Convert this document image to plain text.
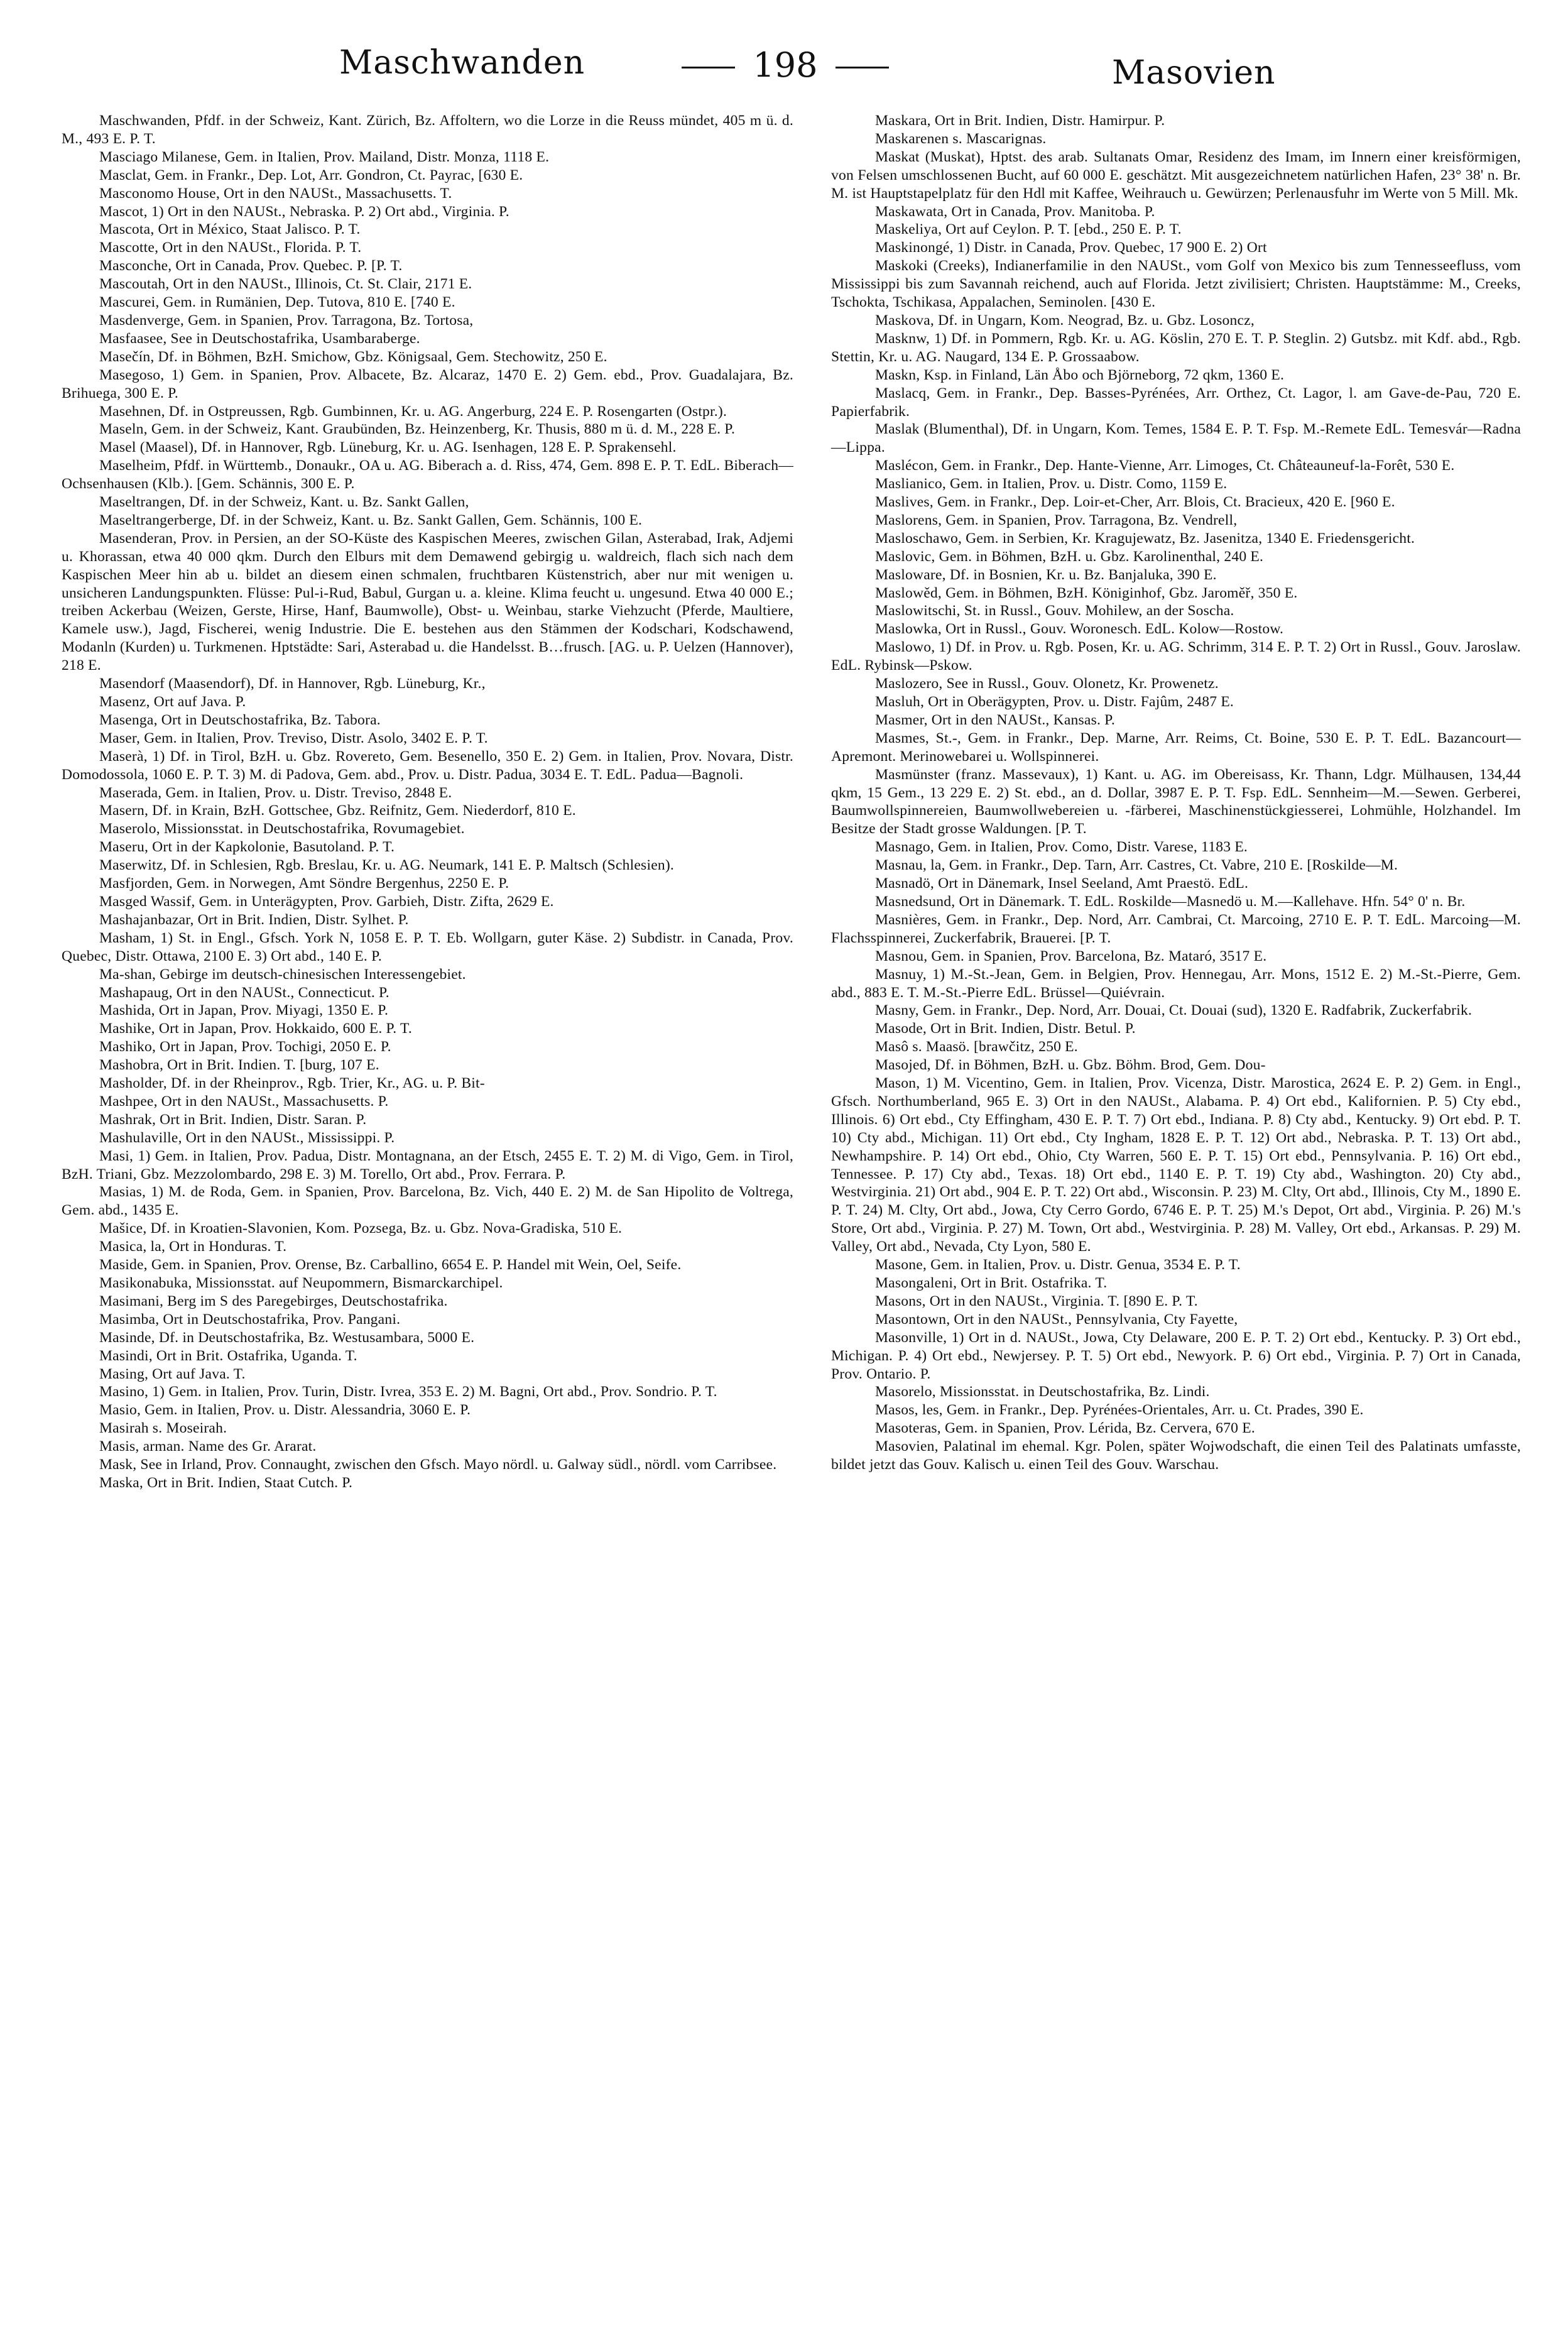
Maschwanden	198	Masovien

Maschwanden, Pfdf. in der Schweiz, Kant. Zürich, Bz. Affoltern, wo die Lorze in die Reuss mündet, 405 m ü. d. M., 493 E. P. T.

Masciago Milanese, Gem. in Italien, Prov. Mailand, Distr. Monza, 1118 E.

Masclat, Gem. in Frankr., Dep. Lot, Arr. Gondron, Ct. Payrac, [630 E.

Masconomo House, Ort in den NAUSt., Massachusetts. T.

Mascot, 1) Ort in den NAUSt., Nebraska. P. 2) Ort abd., Virginia. P.

Mascota, Ort in México, Staat Jalisco. P. T.

Mascotte, Ort in den NAUSt., Florida. P. T.

Masconche, Ort in Canada, Prov. Quebec. P. [P. T.

Mascoutah, Ort in den NAUSt., Illinois, Ct. St. Clair, 2171 E.

Mascurei, Gem. in Rumänien, Dep. Tutova, 810 E. [740 E.

Masdenverge, Gem. in Spanien, Prov. Tarragona, Bz. Tortosa,

Masfaasee, See in Deutschostafrika, Usambaraberge.

Masečín, Df. in Böhmen, BzH. Smichow, Gbz. Königsaal, Gem. Stechowitz, 250 E.

Masegoso, 1) Gem. in Spanien, Prov. Albacete, Bz. Alcaraz, 1470 E. 2) Gem. ebd., Prov. Guadalajara, Bz. Brihuega, 300 E. P.

Masehnen, Df. in Ostpreussen, Rgb. Gumbinnen, Kr. u. AG. Angerburg, 224 E. P. Rosengarten (Ostpr.).

Maseln, Gem. in der Schweiz, Kant. Graubünden, Bz. Heinzenberg, Kr. Thusis, 880 m ü. d. M., 228 E. P.

Masel (Maasel), Df. in Hannover, Rgb. Lüneburg, Kr. u. AG. Isenhagen, 128 E. P. Sprakensehl.

Maselheim, Pfdf. in Württemb., Donaukr., OA u. AG. Biberach a. d. Riss, 474, Gem. 898 E. P. T. EdL. Biberach—Ochsenhausen (Klb.). [Gem. Schännis, 300 E. P.

Maseltrangen, Df. in der Schweiz, Kant. u. Bz. Sankt Gallen,

Maseltrangerberge, Df. in der Schweiz, Kant. u. Bz. Sankt Gallen, Gem. Schännis, 100 E.

Masenderan, Prov. in Persien, an der SO-Küste des Kaspischen Meeres, zwischen Gilan, Asterabad, Irak, Adjemi u. Khorassan, etwa 40 000 qkm. Durch den Elburs mit dem Demawend gebirgig u. waldreich, flach sich nach dem Kaspischen Meer hin ab u. bildet an diesem einen schmalen, fruchtbaren Küstenstrich, aber nur mit wenigen u. unsicheren Landungspunkten. Flüsse: Pul-i-Rud, Babul, Gurgan u. a. kleine. Klima feucht u. ungesund. Etwa 40 000 E.; treiben Ackerbau (Weizen, Gerste, Hirse, Hanf, Baumwolle), Obst- u. Weinbau, starke Viehzucht (Pferde, Maultiere, Kamele usw.), Jagd, Fischerei, wenig Industrie. Die E. bestehen aus den Stämmen der Kodschari, Kodschawend, Modanln (Kurden) u. Turkmenen. Hptstädte: Sari, Asterabad u. die Handelsst. B…frusch. [AG. u. P. Uelzen (Hannover), 218 E.

Masendorf (Maasendorf), Df. in Hannover, Rgb. Lüneburg, Kr.,

Masenz, Ort auf Java. P.

Masenga, Ort in Deutschostafrika, Bz. Tabora.

Maser, Gem. in Italien, Prov. Treviso, Distr. Asolo, 3402 E. P. T.

Maserà, 1) Df. in Tirol, BzH. u. Gbz. Rovereto, Gem. Besenello, 350 E. 2) Gem. in Italien, Prov. Novara, Distr. Domodossola, 1060 E. P. T. 3) M. di Padova, Gem. abd., Prov. u. Distr. Padua, 3034 E. T. EdL. Padua—Bagnoli.

Maserada, Gem. in Italien, Prov. u. Distr. Treviso, 2848 E.

Masern, Df. in Krain, BzH. Gottschee, Gbz. Reifnitz, Gem. Niederdorf, 810 E.

Maserolo, Missionsstat. in Deutschostafrika, Rovumagebiet.

Maseru, Ort in der Kapkolonie, Basutoland. P. T.

Maserwitz, Df. in Schlesien, Rgb. Breslau, Kr. u. AG. Neumark, 141 E. P. Maltsch (Schlesien).

Masfjorden, Gem. in Norwegen, Amt Söndre Bergenhus, 2250 E. P.

Masged Wassif, Gem. in Unterägypten, Prov. Garbieh, Distr. Zifta, 2629 E.

Mashajanbazar, Ort in Brit. Indien, Distr. Sylhet. P.

Masham, 1) St. in Engl., Gfsch. York N, 1058 E. P. T. Eb. Wollgarn, guter Käse. 2) Subdistr. in Canada, Prov. Quebec, Distr. Ottawa, 2100 E. 3) Ort abd., 140 E. P.

Ma-shan, Gebirge im deutsch-chinesischen Interessengebiet.

Mashapaug, Ort in den NAUSt., Connecticut. P.

Mashida, Ort in Japan, Prov. Miyagi, 1350 E. P.

Mashike, Ort in Japan, Prov. Hokkaido, 600 E. P. T.

Mashiko, Ort in Japan, Prov. Tochigi, 2050 E. P.

Mashobra, Ort in Brit. Indien. T. [burg, 107 E.

Masholder, Df. in der Rheinprov., Rgb. Trier, Kr., AG. u. P. Bit-

Mashpee, Ort in den NAUSt., Massachusetts. P.

Mashrak, Ort in Brit. Indien, Distr. Saran. P.

Mashulaville, Ort in den NAUSt., Mississippi. P.

Masi, 1) Gem. in Italien, Prov. Padua, Distr. Montagnana, an der Etsch, 2455 E. T. 2) M. di Vigo, Gem. in Tirol, BzH. Triani, Gbz. Mezzolombardo, 298 E. 3) M. Torello, Ort abd., Prov. Ferrara. P.

Masias, 1) M. de Roda, Gem. in Spanien, Prov. Barcelona, Bz. Vich, 440 E. 2) M. de San Hipolito de Voltrega, Gem. abd., 1435 E.

Mašice, Df. in Kroatien-Slavonien, Kom. Pozsega, Bz. u. Gbz. Nova-Gradiska, 510 E.

Masica, la, Ort in Honduras. T.

Maside, Gem. in Spanien, Prov. Orense, Bz. Carballino, 6654 E. P. Handel mit Wein, Oel, Seife.

Masikonabuka, Missionsstat. auf Neupommern, Bismarckarchipel.

Masimani, Berg im S des Paregebirges, Deutschostafrika.

Masimba, Ort in Deutschostafrika, Prov. Pangani.

Masinde, Df. in Deutschostafrika, Bz. Westusambara, 5000 E.

Masindi, Ort in Brit. Ostafrika, Uganda. T.

Masing, Ort auf Java. T.

Masino, 1) Gem. in Italien, Prov. Turin, Distr. Ivrea, 353 E. 2) M. Bagni, Ort abd., Prov. Sondrio. P. T.

Masio, Gem. in Italien, Prov. u. Distr. Alessandria, 3060 E. P.

Masirah s. Moseirah.

Masis, arman. Name des Gr. Ararat.

Mask, See in Irland, Prov. Connaught, zwischen den Gfsch. Mayo nördl. u. Galway südl., nördl. vom Carribsee.

Maska, Ort in Brit. Indien, Staat Cutch. P.

Maskara, Ort in Brit. Indien, Distr. Hamirpur. P.

Maskarenen s. Mascarignas.

Maskat (Muskat), Hptst. des arab. Sultanats Omar, Residenz des Imam, im Innern einer kreisförmigen, von Felsen umschlossenen Bucht, auf 60 000 E. geschätzt. Mit ausgezeichnetem natürlichen Hafen, 23° 38' n. Br. M. ist Hauptstapelplatz für den Hdl mit Kaffee, Weihrauch u. Gewürzen; Perlenausfuhr im Werte von 5 Mill. Mk.

Maskawata, Ort in Canada, Prov. Manitoba. P.

Maskeliya, Ort auf Ceylon. P. T. [ebd., 250 E. P. T.

Maskinongé, 1) Distr. in Canada, Prov. Quebec, 17 900 E. 2) Ort

Maskoki (Creeks), Indianerfamilie in den NAUSt., vom Golf von Mexico bis zum Tennesseefluss, vom Mississippi bis zum Savannah reichend, auch auf Florida. Jetzt zivilisiert; Christen. Hauptstämme: M., Creeks, Tschokta, Tschikasa, Appalachen, Seminolen. [430 E.

Maskova, Df. in Ungarn, Kom. Neograd, Bz. u. Gbz. Losoncz,

Masknw, 1) Df. in Pommern, Rgb. Kr. u. AG. Köslin, 270 E. T. P. Steglin. 2) Gutsbz. mit Kdf. abd., Rgb. Stettin, Kr. u. AG. Naugard, 134 E. P. Grossaabow.

Maskn, Ksp. in Finland, Län Åbo och Björneborg, 72 qkm, 1360 E.

Maslacq, Gem. in Frankr., Dep. Basses-Pyrénées, Arr. Orthez, Ct. Lagor, l. am Gave-de-Pau, 720 E. Papierfabrik.

Maslak (Blumenthal), Df. in Ungarn, Kom. Temes, 1584 E. P. T. Fsp. M.-Remete EdL. Temesvár—Radna—Lippa.

Maslécon, Gem. in Frankr., Dep. Hante-Vienne, Arr. Limoges, Ct. Châteauneuf-la-Forêt, 530 E.

Maslianico, Gem. in Italien, Prov. u. Distr. Como, 1159 E.

Maslives, Gem. in Frankr., Dep. Loir-et-Cher, Arr. Blois, Ct. Bracieux, 420 E. [960 E.

Maslorens, Gem. in Spanien, Prov. Tarragona, Bz. Vendrell,

Masloschawo, Gem. in Serbien, Kr. Kragujewatz, Bz. Jasenitza, 1340 E. Friedensgericht.

Maslovic, Gem. in Böhmen, BzH. u. Gbz. Karolinenthal, 240 E.

Masloware, Df. in Bosnien, Kr. u. Bz. Banjaluka, 390 E.

Maslowěd, Gem. in Böhmen, BzH. Königinhof, Gbz. Jaroměř, 350 E.

Maslowitschi, St. in Russl., Gouv. Mohilew, an der Soscha.

Maslowka, Ort in Russl., Gouv. Woronesch. EdL. Kolow—Rostow.

Maslowo, 1) Df. in Prov. u. Rgb. Posen, Kr. u. AG. Schrimm, 314 E. P. T. 2) Ort in Russl., Gouv. Jaroslaw. EdL. Rybinsk—Pskow.

Maslozero, See in Russl., Gouv. Olonetz, Kr. Prowenetz.

Masluh, Ort in Oberägypten, Prov. u. Distr. Fajûm, 2487 E.

Masmer, Ort in den NAUSt., Kansas. P.

Masmes, St.-, Gem. in Frankr., Dep. Marne, Arr. Reims, Ct. Boine, 530 E. P. T. EdL. Bazancourt—Apremont. Merinowebarei u. Wollspinnerei.

Masmünster (franz. Massevaux), 1) Kant. u. AG. im Obereisass, Kr. Thann, Ldgr. Mülhausen, 134,44 qkm, 15 Gem., 13 229 E. 2) St. ebd., an d. Dollar, 3987 E. P. T. Fsp. EdL. Sennheim—M.—Sewen. Gerberei, Baumwollspinnereien, Baumwollwebereien u. -färberei, Maschinenstückgiesserei, Lohmühle, Holzhandel. Im Besitze der Stadt grosse Waldungen. [P. T.

Masnago, Gem. in Italien, Prov. Como, Distr. Varese, 1183 E.

Masnau, la, Gem. in Frankr., Dep. Tarn, Arr. Castres, Ct. Vabre, 210 E. [Roskilde—M.

Masnadö, Ort in Dänemark, Insel Seeland, Amt Praestö. EdL.

Masnedsund, Ort in Dänemark. T. EdL. Roskilde—Masnedö u. M.—Kallehave. Hfn. 54° 0' n. Br.

Masnières, Gem. in Frankr., Dep. Nord, Arr. Cambrai, Ct. Marcoing, 2710 E. P. T. EdL. Marcoing—M. Flachsspinnerei, Zuckerfabrik, Brauerei. [P. T.

Masnou, Gem. in Spanien, Prov. Barcelona, Bz. Mataró, 3517 E.

Masnuy, 1) M.-St.-Jean, Gem. in Belgien, Prov. Hennegau, Arr. Mons, 1512 E. 2) M.-St.-Pierre, Gem. abd., 883 E. T. M.-St.-Pierre EdL. Brüssel—Quiévrain.

Masny, Gem. in Frankr., Dep. Nord, Arr. Douai, Ct. Douai (sud), 1320 E. Radfabrik, Zuckerfabrik.

Masode, Ort in Brit. Indien, Distr. Betul. P.

Masô s. Maasö. [brawčitz, 250 E.

Masojed, Df. in Böhmen, BzH. u. Gbz. Böhm. Brod, Gem. Dou-

Mason, 1) M. Vicentino, Gem. in Italien, Prov. Vicenza, Distr. Marostica, 2624 E. P. 2) Gem. in Engl., Gfsch. Northumberland, 965 E. 3) Ort in den NAUSt., Alabama. P. 4) Ort ebd., Kalifornien. P. 5) Cty ebd., Illinois. 6) Ort ebd., Cty Effingham, 430 E. P. T. 7) Ort ebd., Indiana. P. 8) Cty abd., Kentucky. 9) Ort ebd. P. T. 10) Cty abd., Michigan. 11) Ort ebd., Cty Ingham, 1828 E. P. T. 12) Ort abd., Nebraska. P. T. 13) Ort abd., Newhampshire. P. 14) Ort ebd., Ohio, Cty Warren, 560 E. P. T. 15) Ort ebd., Pennsylvania. P. 16) Ort ebd., Tennessee. P. 17) Cty abd., Texas. 18) Ort ebd., 1140 E. P. T. 19) Cty abd., Washington. 20) Cty abd., Westvirginia. 21) Ort abd., 904 E. P. T. 22) Ort abd., Wisconsin. P. 23) M. Clty, Ort abd., Illinois, Cty M., 1890 E. P. T. 24) M. Clty, Ort abd., Jowa, Cty Cerro Gordo, 6746 E. P. T. 25) M.'s Depot, Ort abd., Virginia. P. 26) M.'s Store, Ort abd., Virginia. P. 27) M. Town, Ort abd., Westvirginia. P. 28) M. Valley, Ort ebd., Arkansas. P. 29) M. Valley, Ort abd., Nevada, Cty Lyon, 580 E.

Masone, Gem. in Italien, Prov. u. Distr. Genua, 3534 E. P. T.

Masongaleni, Ort in Brit. Ostafrika. T.

Masons, Ort in den NAUSt., Virginia. T. [890 E. P. T.

Masontown, Ort in den NAUSt., Pennsylvania, Cty Fayette,

Masonville, 1) Ort in d. NAUSt., Jowa, Cty Delaware, 200 E. P. T. 2) Ort ebd., Kentucky. P. 3) Ort ebd., Michigan. P. 4) Ort ebd., Newjersey. P. T. 5) Ort ebd., Newyork. P. 6) Ort ebd., Virginia. P. 7) Ort in Canada, Prov. Ontario. P.

Masorelo, Missionsstat. in Deutschostafrika, Bz. Lindi.

Masos, les, Gem. in Frankr., Dep. Pyrénées-Orientales, Arr. u. Ct. Prades, 390 E.

Masoteras, Gem. in Spanien, Prov. Lérida, Bz. Cervera, 670 E.

Masovien, Palatinal im ehemal. Kgr. Polen, später Wojwodschaft, die einen Teil des Palatinats umfasste, bildet jetzt das Gouv. Kalisch u. einen Teil des Gouv. Warschau.
